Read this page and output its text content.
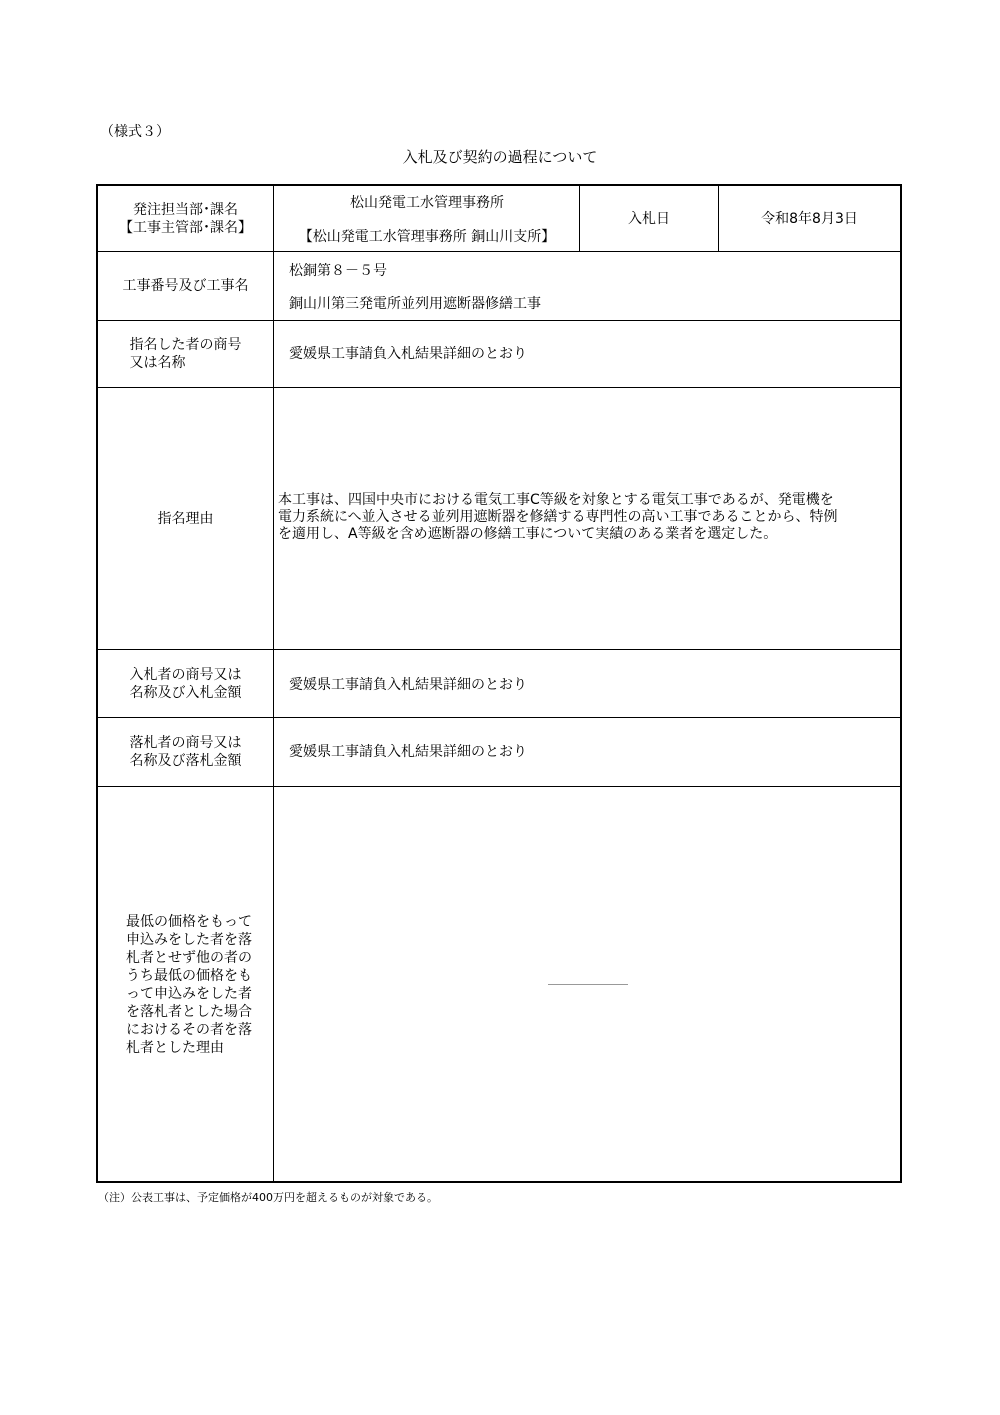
（様式３）
入札及び契約の過程について
発注担当部･課名
【工事主管部･課名】
松山発電工水管理事務所
【松山発電工水管理事務所 銅山川支所】
入札日	令和8年8月3日
工事番号及び工事名
松銅第８－５号
銅山川第三発電所並列用遮断器修繕工事
指名した者の商号
又は名称
愛媛県工事請負入札結果詳細のとおり
指名理由
本工事は、四国中央市における電気工事C等級を対象とする電気工事であるが、発電機を
電力系統にへ並入させる並列用遮断器を修繕する専門性の高い工事であることから、特例
を適用し、A等級を含め遮断器の修繕工事について実績のある業者を選定した。
入札者の商号又は
名称及び入札金額	愛媛県工事請負入札結果詳細のとおり
落札者の商号又は
名称及び落札金額
愛媛県工事請負入札結果詳細のとおり
最低の価格をもって
申込みをした者を落
札者とせず他の者の
うち最低の価格をも
って申込みをした者
を落札者とした場合
におけるその者を落
札者とした理由
（注）公表工事は、予定価格が400万円を超えるものが対象である。
